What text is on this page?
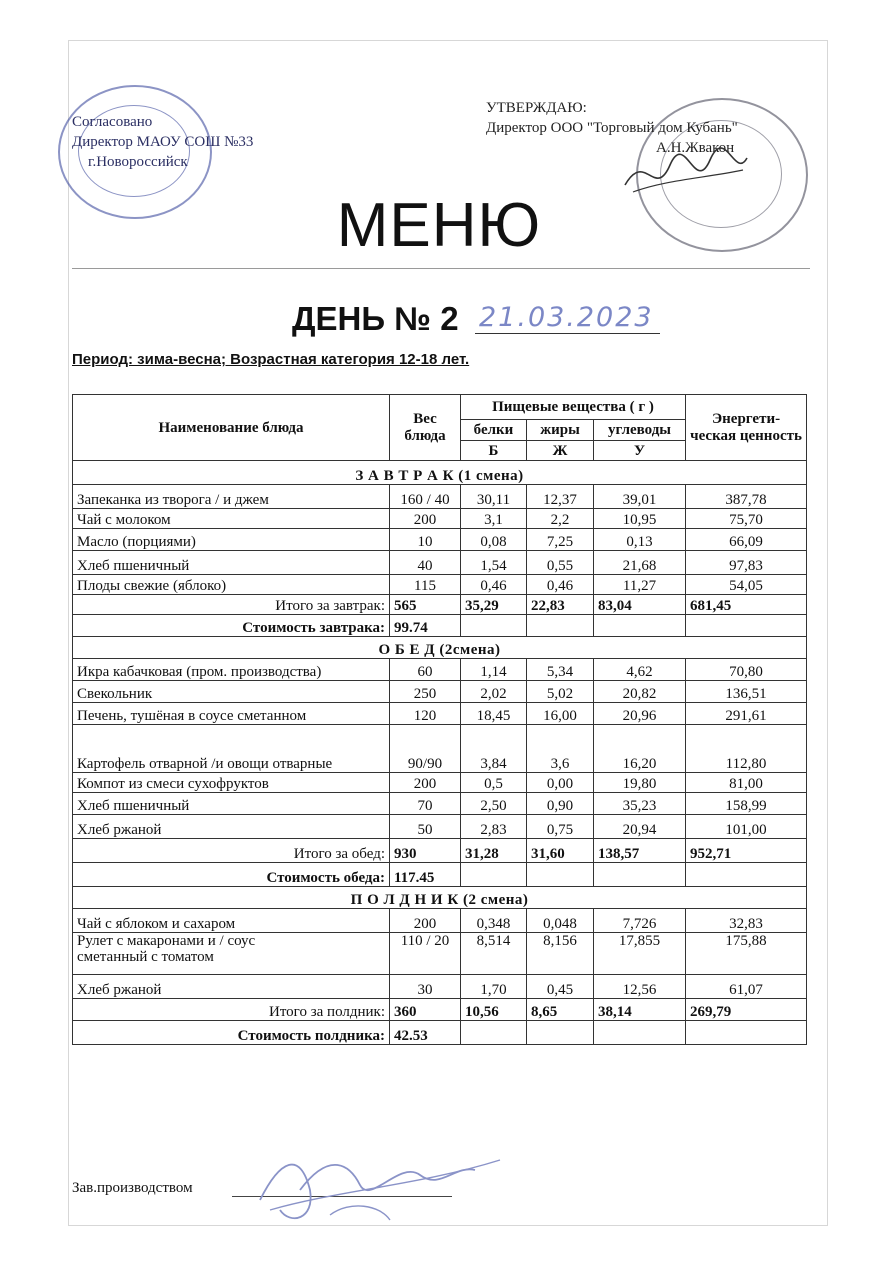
Согласовано
Директор МАОУ СОШ №33
г.Новороссийск
УТВЕРЖДАЮ:
Директор ООО "Торговый дом Кубань"
А.Н.Жвакон
МЕНЮ
ДЕНЬ № 2 21.03.2023
Период: зима-весна; Возрастная категория 12-18 лет.
Наименование блюда	Вес блюда	Пищевые вещества ( г )			Энергети-ческая ценность
		белки	жиры	углеводы	
		Б	Ж	У	
З А В Т Р А К (1 смена)					
Запеканка из творога / и джем	160 / 40	30,11	12,37	39,01	387,78
Чай с молоком	200	3,1	2,2	10,95	75,70
Масло (порциями)	10	0,08	7,25	0,13	66,09
Хлеб пшеничный	40	1,54	0,55	21,68	97,83
Плоды свежие (яблоко)	115	0,46	0,46	11,27	54,05
Итого за завтрак:	565	35,29	22,83	83,04	681,45
Стоимость завтрака:	99.74				
О Б Е Д (2смена)					
Икра кабачковая (пром. производства)	60	1,14	5,34	4,62	70,80
Свекольник	250	2,02	5,02	20,82	136,51
Печень, тушёная в соусе сметанном	120	18,45	16,00	20,96	291,61
Картофель отварной /и овощи отварные	90/90	3,84	3,6	16,20	112,80
Компот из смеси сухофруктов	200	0,5	0,00	19,80	81,00
Хлеб пшеничный	70	2,50	0,90	35,23	158,99
Хлеб ржаной	50	2,83	0,75	20,94	101,00
Итого за обед:	930	31,28	31,60	138,57	952,71
Стоимость обеда:	117.45				
П О Л Д Н И К (2 смена)					
Чай с яблоком и сахаром	200	0,348	0,048	7,726	32,83
Рулет с макаронами и / соус сметанный с томатом	110 / 20	8,514	8,156	17,855	175,88
Хлеб ржаной	30	1,70	0,45	12,56	61,07
Итого за полдник:	360	10,56	8,65	38,14	269,79
Стоимость полдника:	42.53				
Зав.производством
